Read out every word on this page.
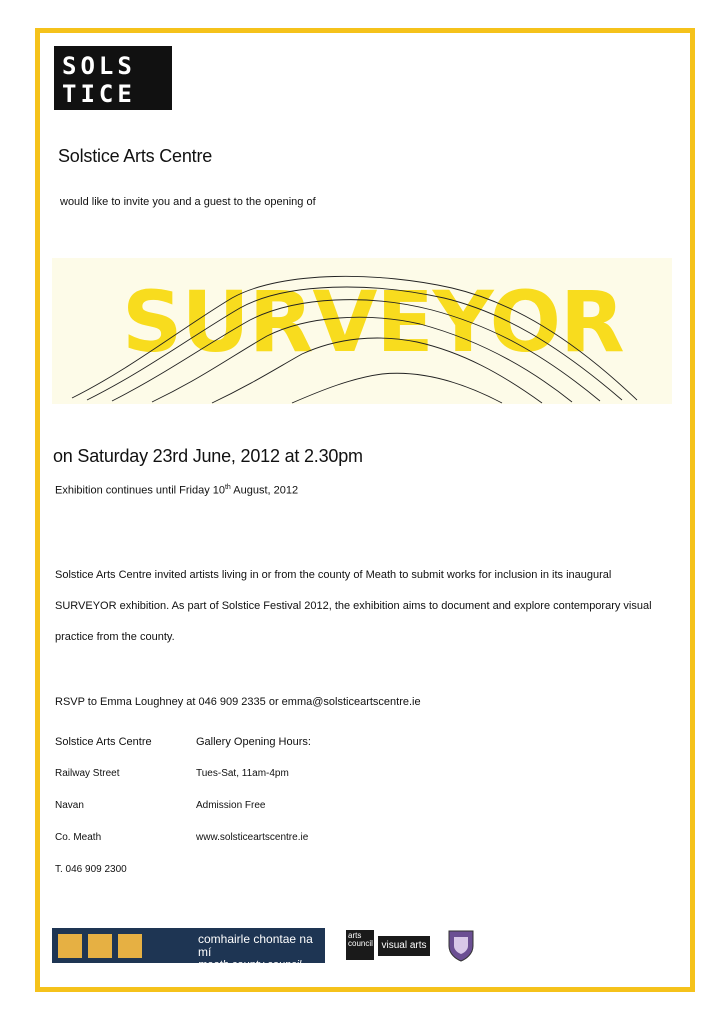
SOLS
TICE
Solstice Arts Centre
would like to invite you and a guest to the opening of
SURVEYOR
on Saturday 23rd June, 2012 at 2.30pm
Exhibition continues until Friday 10th August, 2012
Solstice Arts Centre invited artists living in or from the county of Meath to submit works for inclusion in its inaugural
SURVEYOR exhibition. As part of Solstice Festival 2012, the exhibition aims to document and explore contemporary visual
practice from the county.
RSVP to Emma Loughney at 046 909 2335 or emma@solsticeartscentre.ie
Solstice Arts Centre
Railway Street
Navan
Co. Meath
T. 046 909 2300
Gallery Opening Hours:
Tues-Sat, 11am-4pm
Admission Free
www.solsticeartscentre.ie
comhairle chontae na mí
meath county council
arts council visual arts
